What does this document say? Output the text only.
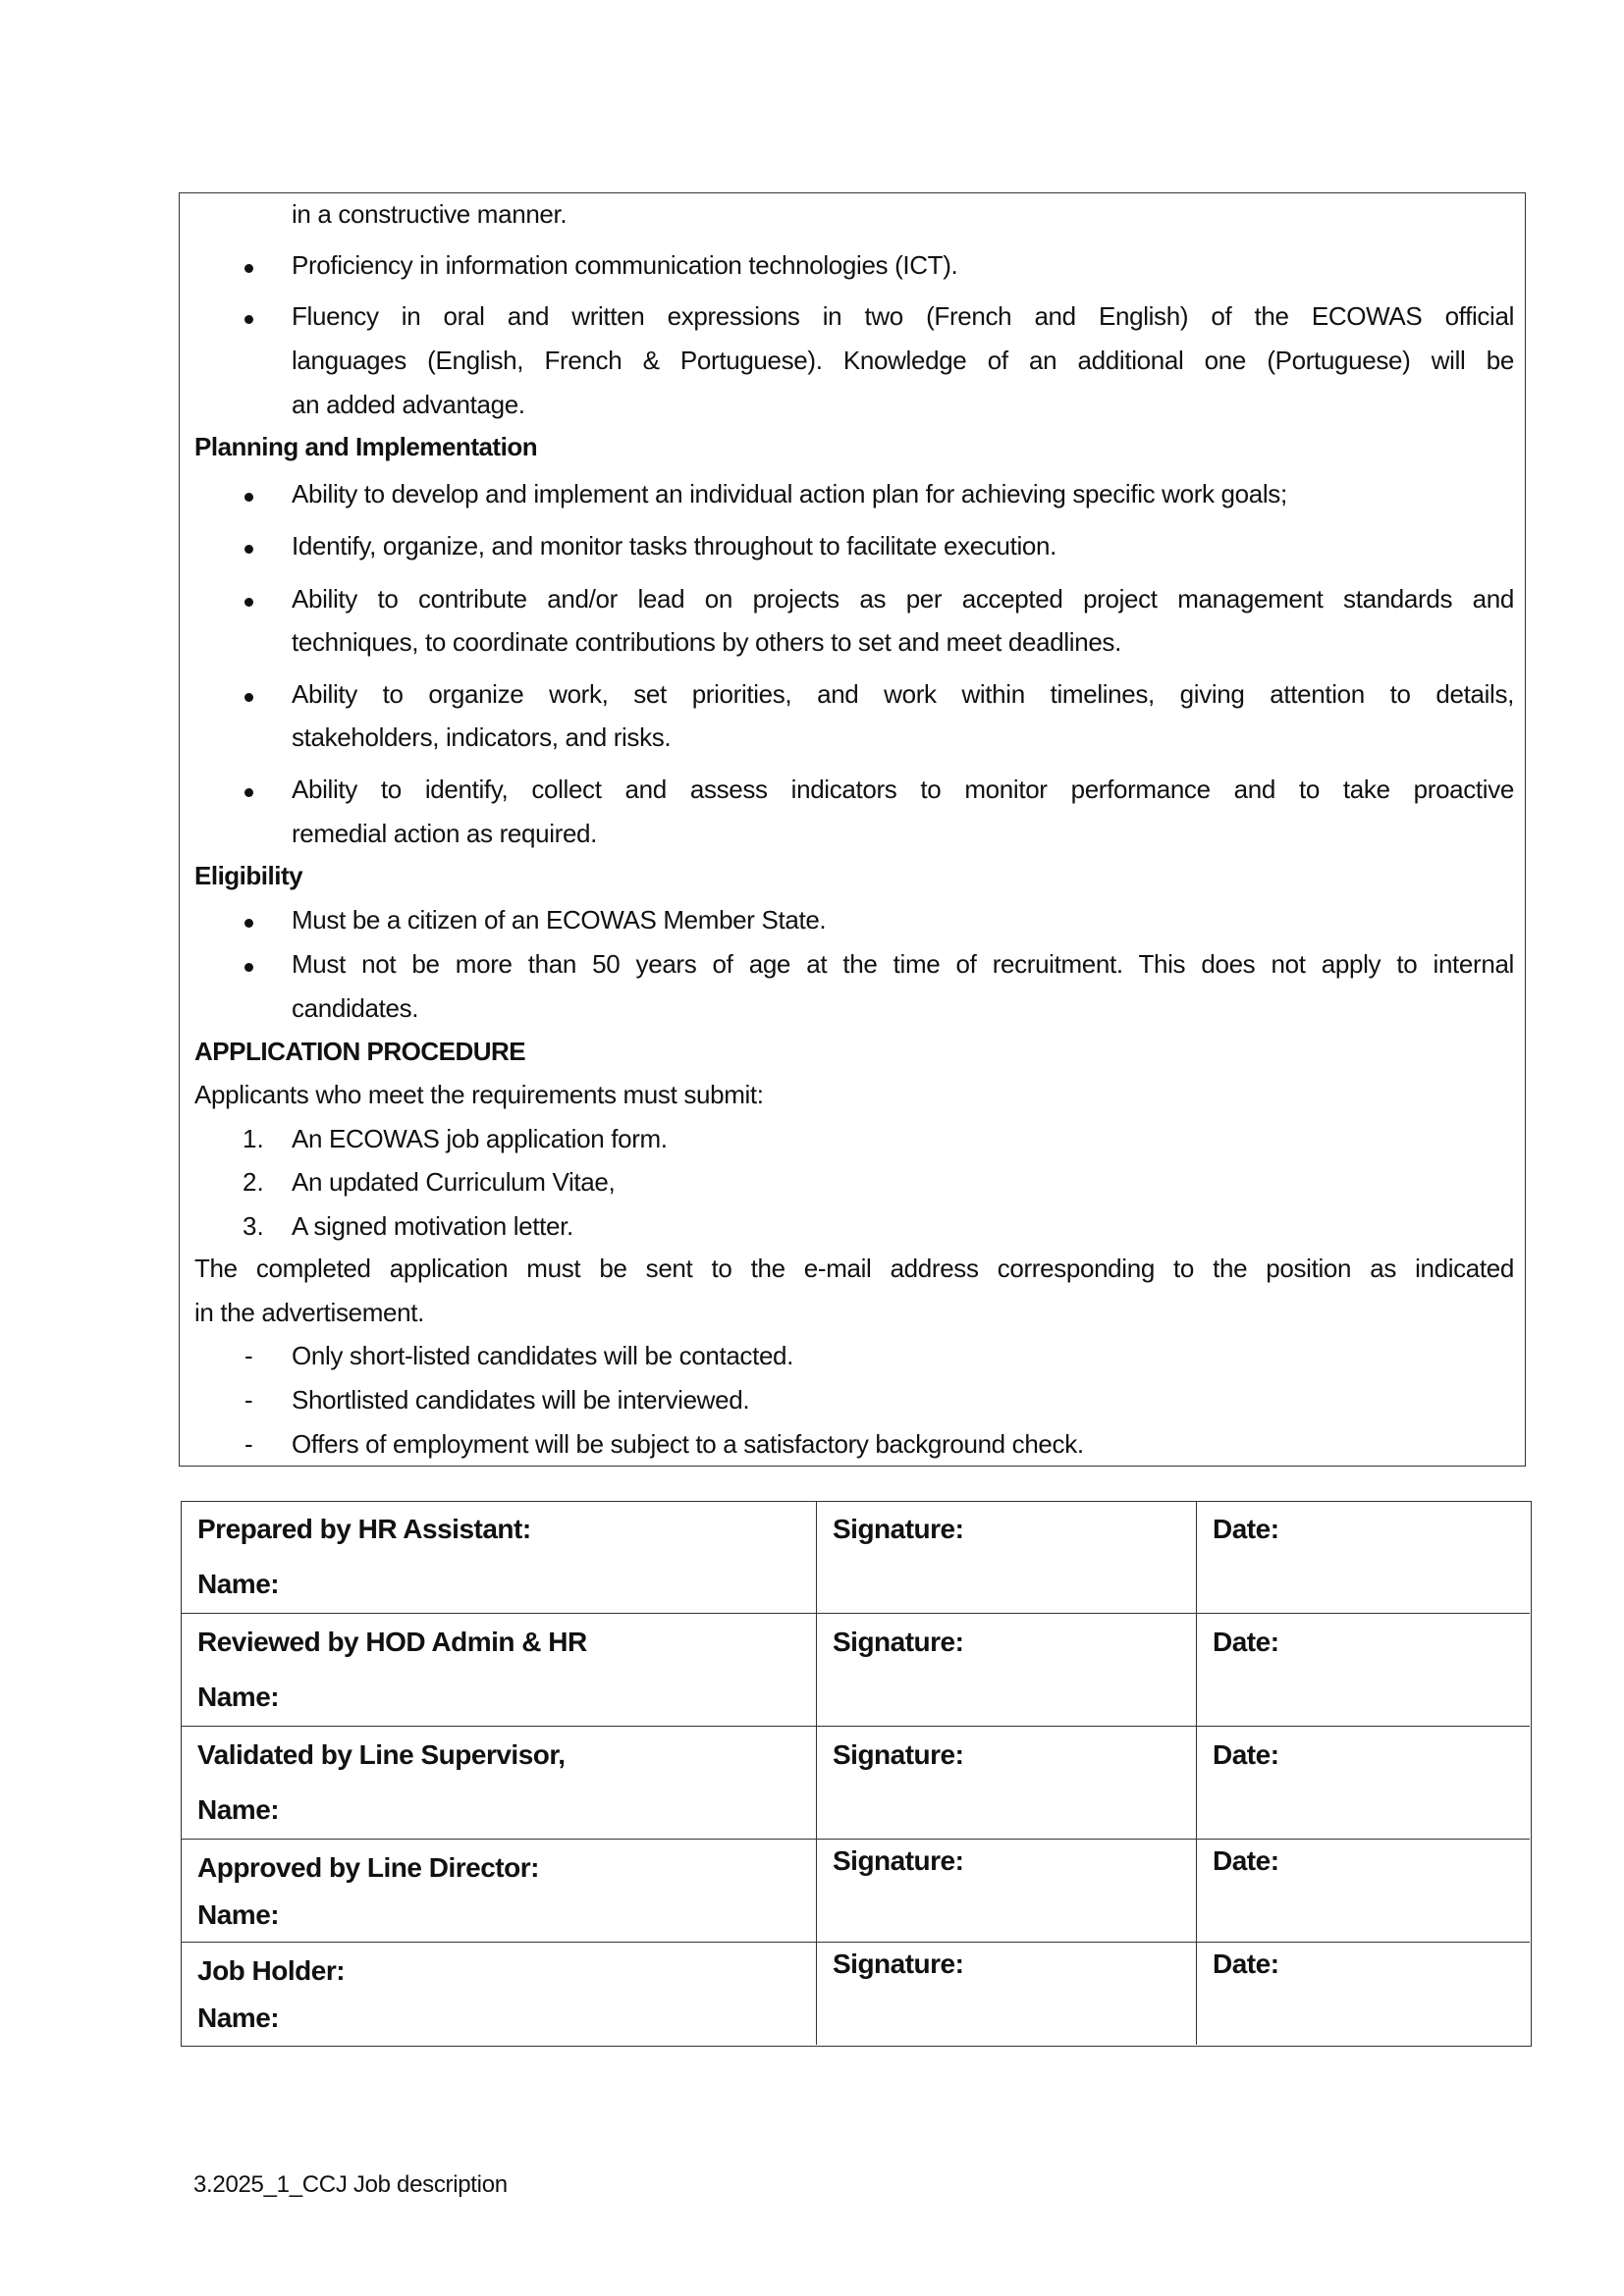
in a constructive manner.
Proficiency in information communication technologies (ICT).
Fluency in oral and written expressions in two (French and English) of the ECOWAS official
languages (English, French & Portuguese). Knowledge of an additional one (Portuguese) will be
an added advantage.
Planning and Implementation
Ability to develop and implement an individual action plan for achieving specific work goals;
Identify, organize, and monitor tasks throughout to facilitate execution.
Ability to contribute and/or lead on projects as per accepted project management standards and
techniques, to coordinate contributions by others to set and meet deadlines.
Ability to organize work, set priorities, and work within timelines, giving attention to details,
stakeholders, indicators, and risks.
Ability to identify, collect and assess indicators to monitor performance and to take proactive
remedial action as required.
Eligibility
Must be a citizen of an ECOWAS Member State.
Must not be more than 50 years of age at the time of recruitment. This does not apply to internal
candidates.
APPLICATION PROCEDURE
Applicants who meet the requirements must submit:
1. An ECOWAS job application form.
2. An updated Curriculum Vitae,
3. A signed motivation letter.
The completed application must be sent to the e-mail address corresponding to the position as indicated
in the advertisement.
- Only short-listed candidates will be contacted.
- Shortlisted candidates will be interviewed.
- Offers of employment will be subject to a satisfactory background check.
Prepared by HR Assistant:
Name:
Signature:	Date:
Reviewed by HOD Admin & HR
Name:
Signature:	Date:
Validated by Line Supervisor,
Name:
Signature:	Date:
Approved by Line Director:
Name:
Signature:	Date:
Job Holder:
Name:
Signature:	Date:
3.2025_1_CCJ Job description
